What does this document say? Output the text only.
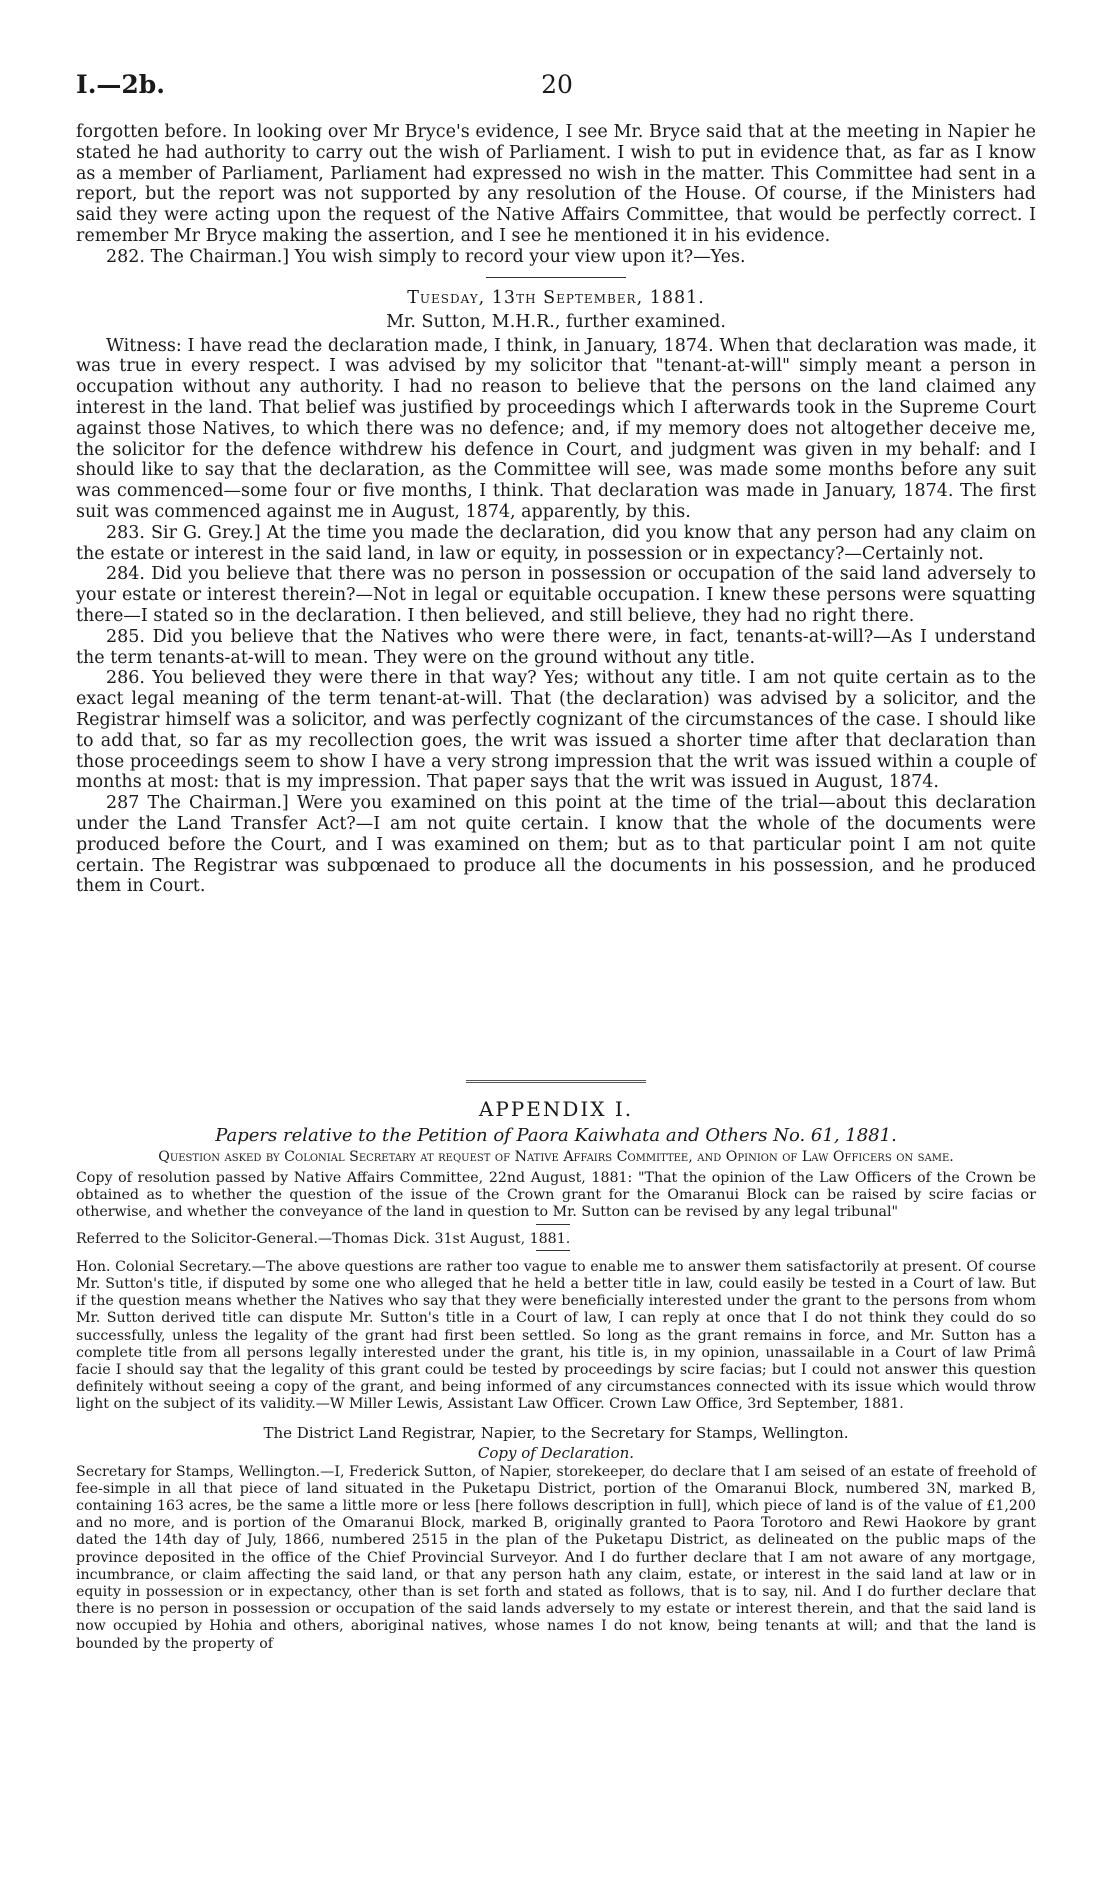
I.—2b.	20

forgotten before. In looking over Mr Bryce's evidence, I see Mr. Bryce said that at the meeting in Napier he stated he had authority to carry out the wish of Parliament. I wish to put in evidence that, as far as I know as a member of Parliament, Parliament had expressed no wish in the matter. This Committee had sent in a report, but the report was not supported by any resolution of the House. Of course, if the Ministers had said they were acting upon the request of the Native Affairs Committee, that would be perfectly correct. I remember Mr Bryce making the assertion, and I see he mentioned it in his evidence.

282. The Chairman.] You wish simply to record your view upon it?—Yes.

Tuesday, 13th September, 1881.
Mr. Sutton, M.H.R., further examined.

Witness: I have read the declaration made, I think, in January, 1874. When that declaration was made, it was true in every respect. I was advised by my solicitor that "tenant-at-will" simply meant a person in occupation without any authority. I had no reason to believe that the persons on the land claimed any interest in the land. That belief was justified by proceedings which I afterwards took in the Supreme Court against those Natives, to which there was no defence; and, if my memory does not altogether deceive me, the solicitor for the defence withdrew his defence in Court, and judgment was given in my behalf: and I should like to say that the declaration, as the Committee will see, was made some months before any suit was commenced—some four or five months, I think. That declaration was made in January, 1874. The first suit was commenced against me in August, 1874, apparently, by this.

283. Sir G. Grey.] At the time you made the declaration, did you know that any person had any claim on the estate or interest in the said land, in law or equity, in possession or in expectancy?—Certainly not.

284. Did you believe that there was no person in possession or occupation of the said land adversely to your estate or interest therein?—Not in legal or equitable occupation. I knew these persons were squatting there—I stated so in the declaration. I then believed, and still believe, they had no right there.

285. Did you believe that the Natives who were there were, in fact, tenants-at-will?—As I understand the term tenants-at-will to mean. They were on the ground without any title.

286. You believed they were there in that way? Yes; without any title. I am not quite certain as to the exact legal meaning of the term tenant-at-will. That (the declaration) was advised by a solicitor, and the Registrar himself was a solicitor, and was perfectly cognizant of the circumstances of the case. I should like to add that, so far as my recollection goes, the writ was issued a shorter time after that declaration than those proceedings seem to show I have a very strong impression that the writ was issued within a couple of months at most: that is my impression. That paper says that the writ was issued in August, 1874.

287 The Chairman.] Were you examined on this point at the time of the trial—about this declaration under the Land Transfer Act?—I am not quite certain. I know that the whole of the documents were produced before the Court, and I was examined on them; but as to that particular point I am not quite certain. The Registrar was subpœnaed to produce all the documents in his possession, and he produced them in Court.

APPENDIX I.
Papers relative to the Petition of Paora Kaiwhata and Others No. 61, 1881.
Question asked by Colonial Secretary at request of Native Affairs Committee, and Opinion of Law Officers on same.

Copy of resolution passed by Native Affairs Committee, 22nd August, 1881: "That the opinion of the Law Officers of the Crown be obtained as to whether the question of the issue of the Crown grant for the Omaranui Block can be raised by scire facias or otherwise, and whether the conveyance of the land in question to Mr. Sutton can be revised by any legal tribunal"

Referred to the Solicitor-General.—Thomas Dick. 31st August, 1881.

Hon. Colonial Secretary.—The above questions are rather too vague to enable me to answer them satisfactorily at present. Of course Mr. Sutton's title, if disputed by some one who alleged that he held a better title in law, could easily be tested in a Court of law. But if the question means whether the Natives who say that they were beneficially interested under the grant to the persons from whom Mr. Sutton derived title can dispute Mr. Sutton's title in a Court of law, I can reply at once that I do not think they could do so successfully, unless the legality of the grant had first been settled. So long as the grant remains in force, and Mr. Sutton has a complete title from all persons legally interested under the grant, his title is, in my opinion, unassailable in a Court of law Primâ facie I should say that the legality of this grant could be tested by proceedings by scire facias; but I could not answer this question definitely without seeing a copy of the grant, and being informed of any circumstances connected with its issue which would throw light on the subject of its validity.—W Miller Lewis, Assistant Law Officer. Crown Law Office, 3rd September, 1881.

The District Land Registrar, Napier, to the Secretary for Stamps, Wellington.
Copy of Declaration.

Secretary for Stamps, Wellington.—I, Frederick Sutton, of Napier, storekeeper, do declare that I am seised of an estate of freehold of fee-simple in all that piece of land situated in the Puketapu District, portion of the Omaranui Block, numbered 3N, marked B, containing 163 acres, be the same a little more or less [here follows description in full], which piece of land is of the value of £1,200 and no more, and is portion of the Omaranui Block, marked B, originally granted to Paora Torotoro and Rewi Haokore by grant dated the 14th day of July, 1866, numbered 2515 in the plan of the Puketapu District, as delineated on the public maps of the province deposited in the office of the Chief Provincial Surveyor. And I do further declare that I am not aware of any mortgage, incumbrance, or claim affecting the said land, or that any person hath any claim, estate, or interest in the said land at law or in equity in possession or in expectancy, other than is set forth and stated as follows, that is to say, nil. And I do further declare that there is no person in possession or occupation of the said lands adversely to my estate or interest therein, and that the said land is now occupied by Hohia and others, aboriginal natives, whose names I do not know, being tenants at will; and that the land is bounded by the property of
